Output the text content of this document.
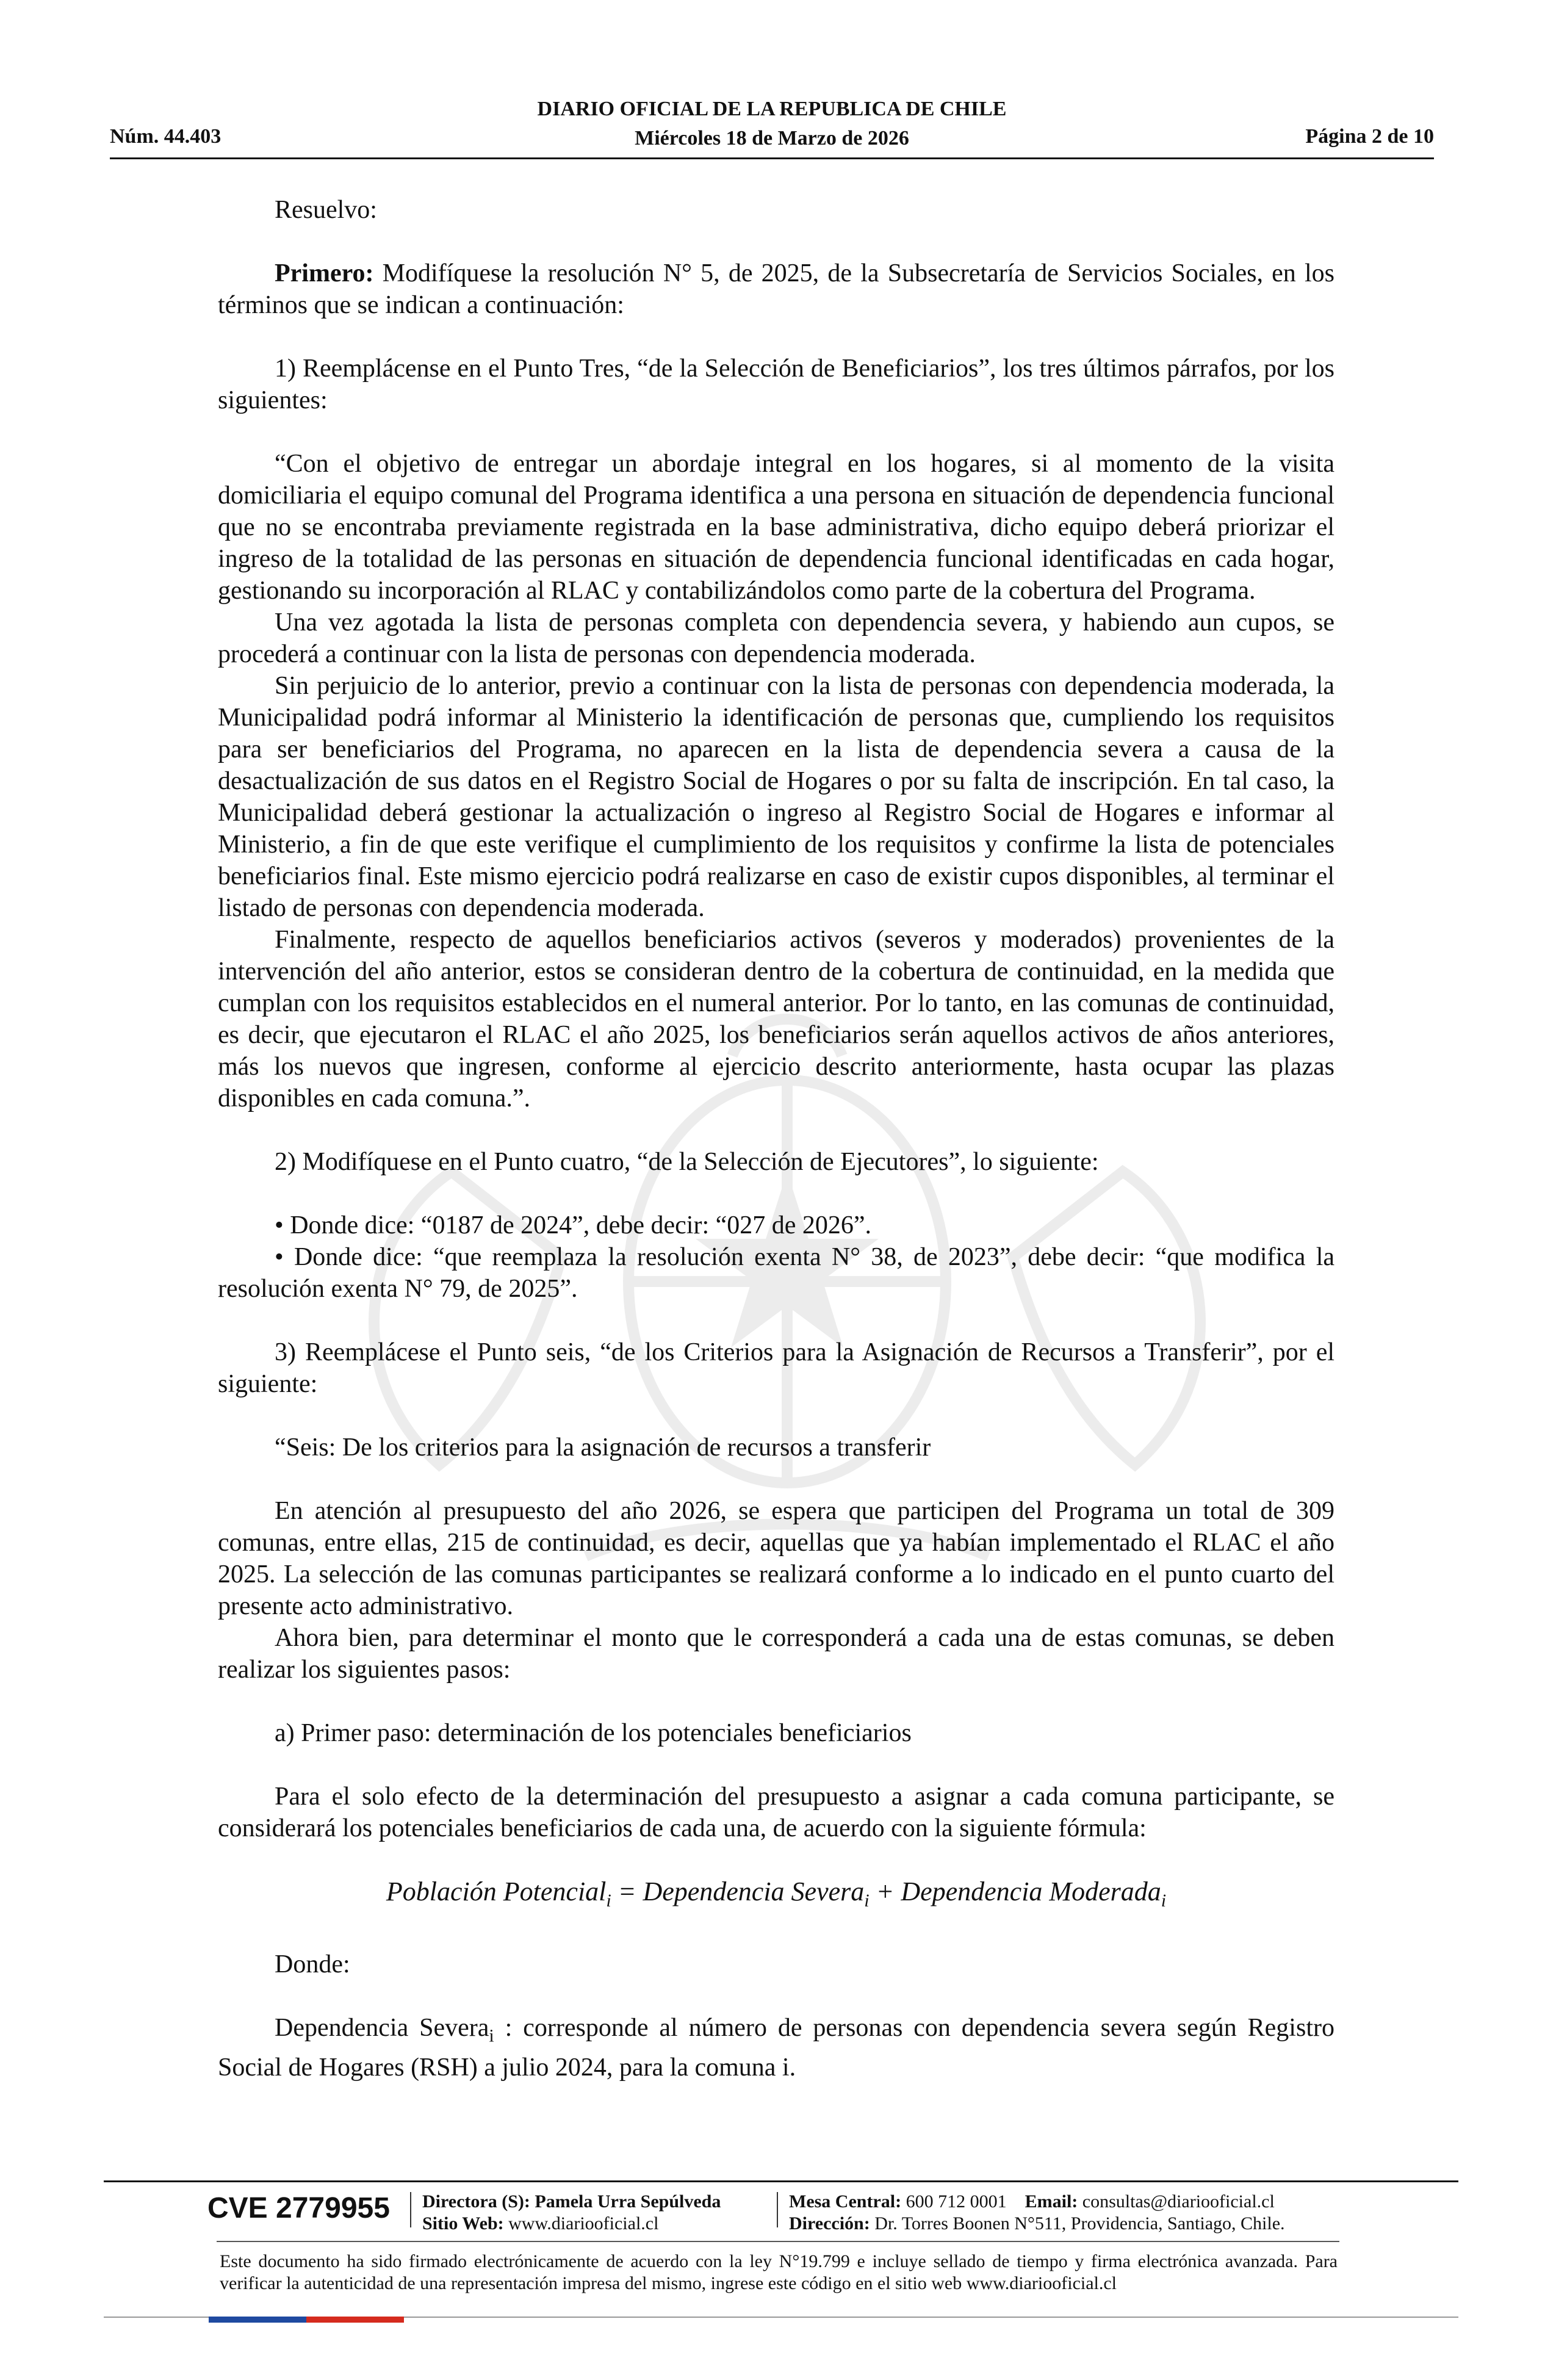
Núm. 44.403
DIARIO OFICIAL DE LA REPUBLICA DE CHILE
Miércoles 18 de Marzo de 2026	Página 2 de 10

Resuelvo:

Primero: Modifíquese la resolución N° 5, de 2025, de la Subsecretaría de Servicios Sociales, en los términos que se indican a continuación:

1) Reemplácense en el Punto Tres, “de la Selección de Beneficiarios”, los tres últimos párrafos, por los siguientes:

“Con el objetivo de entregar un abordaje integral en los hogares, si al momento de la visita domiciliaria el equipo comunal del Programa identifica a una persona en situación de dependencia funcional que no se encontraba previamente registrada en la base administrativa, dicho equipo deberá priorizar el ingreso de la totalidad de las personas en situación de dependencia funcional identificadas en cada hogar, gestionando su incorporación al RLAC y contabilizándolos como parte de la cobertura del Programa.

Una vez agotada la lista de personas completa con dependencia severa, y habiendo aun cupos, se procederá a continuar con la lista de personas con dependencia moderada.

Sin perjuicio de lo anterior, previo a continuar con la lista de personas con dependencia moderada, la Municipalidad podrá informar al Ministerio la identificación de personas que, cumpliendo los requisitos para ser beneficiarios del Programa, no aparecen en la lista de dependencia severa a causa de la desactualización de sus datos en el Registro Social de Hogares o por su falta de inscripción. En tal caso, la Municipalidad deberá gestionar la actualización o ingreso al Registro Social de Hogares e informar al Ministerio, a fin de que este verifique el cumplimiento de los requisitos y confirme la lista de potenciales beneficiarios final. Este mismo ejercicio podrá realizarse en caso de existir cupos disponibles, al terminar el listado de personas con dependencia moderada.

Finalmente, respecto de aquellos beneficiarios activos (severos y moderados) provenientes de la intervención del año anterior, estos se consideran dentro de la cobertura de continuidad, en la medida que cumplan con los requisitos establecidos en el numeral anterior. Por lo tanto, en las comunas de continuidad, es decir, que ejecutaron el RLAC el año 2025, los beneficiarios serán aquellos activos de años anteriores, más los nuevos que ingresen, conforme al ejercicio descrito anteriormente, hasta ocupar las plazas disponibles en cada comuna.”.

2) Modifíquese en el Punto cuatro, “de la Selección de Ejecutores”, lo siguiente:

• Donde dice: “0187 de 2024”, debe decir: “027 de 2026”.

• Donde dice: “que reemplaza la resolución exenta N° 38, de 2023”, debe decir: “que modifica la resolución exenta N° 79, de 2025”.

3) Reemplácese el Punto seis, “de los Criterios para la Asignación de Recursos a Transferir”, por el siguiente:

“Seis: De los criterios para la asignación de recursos a transferir

En atención al presupuesto del año 2026, se espera que participen del Programa un total de 309 comunas, entre ellas, 215 de continuidad, es decir, aquellas que ya habían implementado el RLAC el año 2025. La selección de las comunas participantes se realizará conforme a lo indicado en el punto cuarto del presente acto administrativo.

Ahora bien, para determinar el monto que le corresponderá a cada una de estas comunas, se deben realizar los siguientes pasos:

a) Primer paso: determinación de los potenciales beneficiarios

Para el solo efecto de la determinación del presupuesto a asignar a cada comuna participante, se considerará los potenciales beneficiarios de cada una, de acuerdo con la siguiente fórmula:

Población Potencial$_i$ = Dependencia Severa$_i$ + Dependencia Moderada$_i$

Donde:

Dependencia Severa$_i$ : corresponde al número de personas con dependencia severa según Registro Social de Hogares (RSH) a julio 2024, para la comuna i.

CVE 2779955 Directora (S): Pamela Urra Sepúlveda
Sitio Web: www.diariooficial.cl
Mesa Central: 600 712 0001 Email: consultas@diariooficial.cl
Dirección: Dr. Torres Boonen N°511, Providencia, Santiago, Chile.
Este documento ha sido firmado electrónicamente de acuerdo con la ley N°19.799 e incluye sellado de tiempo y firma electrónica avanzada. Para verificar la autenticidad de una representación impresa del mismo, ingrese este código en el sitio web www.diariooficial.cl
